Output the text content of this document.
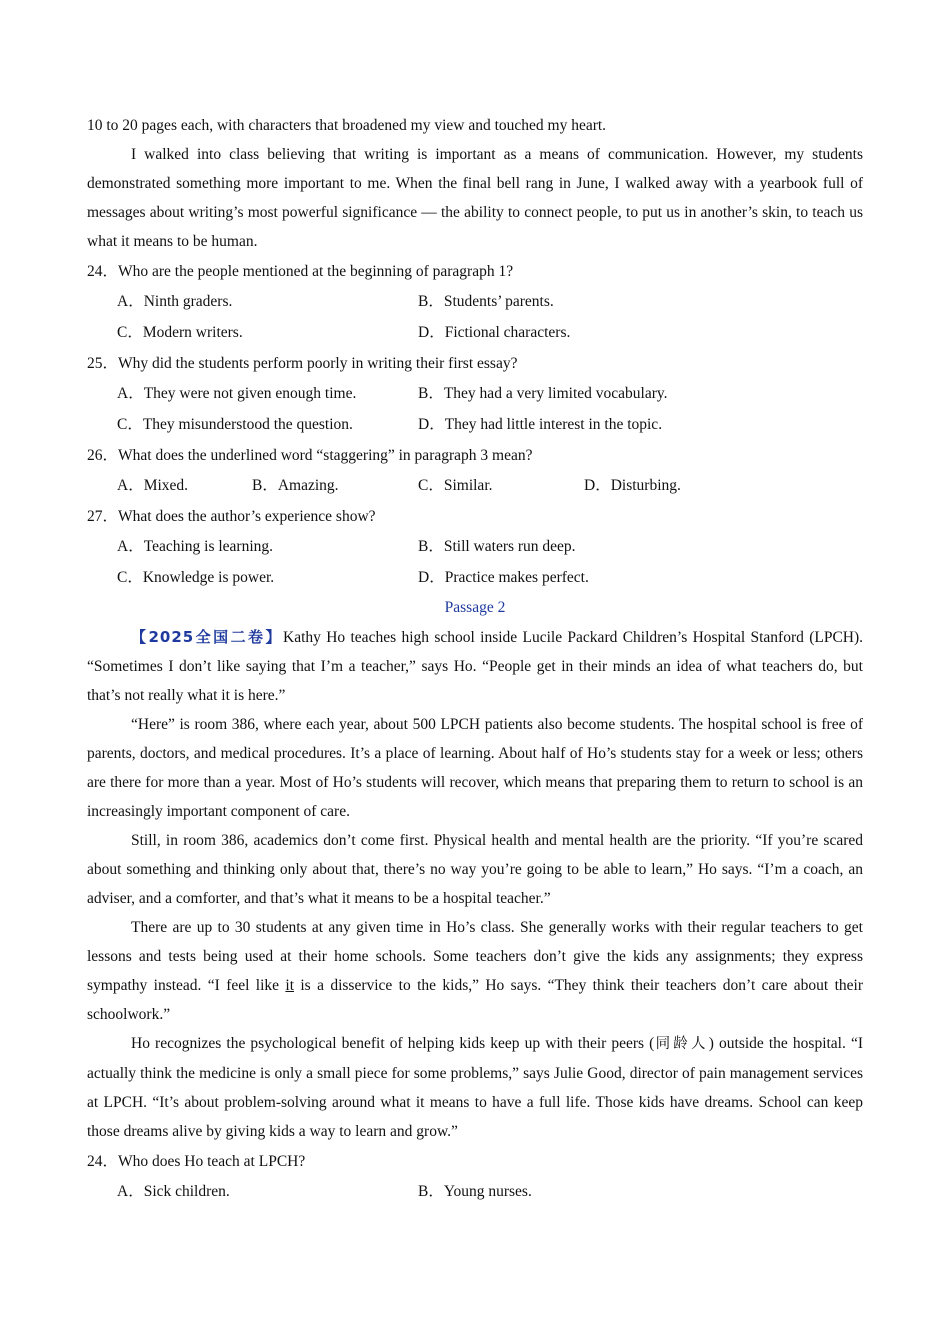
10 to 20 pages each, with characters that broadened my view and touched my heart.

I walked into class believing that writing is important as a means of communication. However, my students demonstrated something more important to me. When the final bell rang in June, I walked away with a yearbook full of messages about writing’s most powerful significance — the ability to connect people, to put us in another’s skin, to teach us what it means to be human.

24．Who are the people mentioned at the beginning of paragraph 1?

A．Ninth graders.	B．Students’ parents.
C．Modern writers.	D．Fictional characters.

25．Why did the students perform poorly in writing their first essay?

A．They were not given enough time.	B．They had a very limited vocabulary.
C．They misunderstood the question.	D．They had little interest in the topic.

26．What does the underlined word “staggering” in paragraph 3 mean?

A．Mixed.	B．Amazing.	C．Similar.	D．Disturbing.

27．What does the author’s experience show?

A．Teaching is learning.	B．Still waters run deep.
C．Knowledge is power.	D．Practice makes perfect.
Passage 2

【2025全国二卷】Kathy Ho teaches high school inside Lucile Packard Children’s Hospital Stanford (LPCH). “Sometimes I don’t like saying that I’m a teacher,” says Ho. “People get in their minds an idea of what teachers do, but that’s not really what it is here.”

“Here” is room 386, where each year, about 500 LPCH patients also become students. The hospital school is free of parents, doctors, and medical procedures. It’s a place of learning. About half of Ho’s students stay for a week or less; others are there for more than a year. Most of Ho’s students will recover, which means that preparing them to return to school is an increasingly important component of care.

Still, in room 386, academics don’t come first. Physical health and mental health are the priority. “If you’re scared about something and thinking only about that, there’s no way you’re going to be able to learn,” Ho says. “I’m a coach, an adviser, and a comforter, and that’s what it means to be a hospital teacher.”

There are up to 30 students at any given time in Ho’s class. She generally works with their regular teachers to get lessons and tests being used at their home schools. Some teachers don’t give the kids any assignments; they express sympathy instead. “I feel like it is a disservice to the kids,” Ho says. “They think their teachers don’t care about their schoolwork.”

Ho recognizes the psychological benefit of helping kids keep up with their peers (同龄人) outside the hospital. “I actually think the medicine is only a small piece for some problems,” says Julie Good, director of pain management services at LPCH. “It’s about problem-solving around what it means to have a full life. Those kids have dreams. School can keep those dreams alive by giving kids a way to learn and grow.”

24．Who does Ho teach at LPCH?

A．Sick children.	B．Young nurses.
